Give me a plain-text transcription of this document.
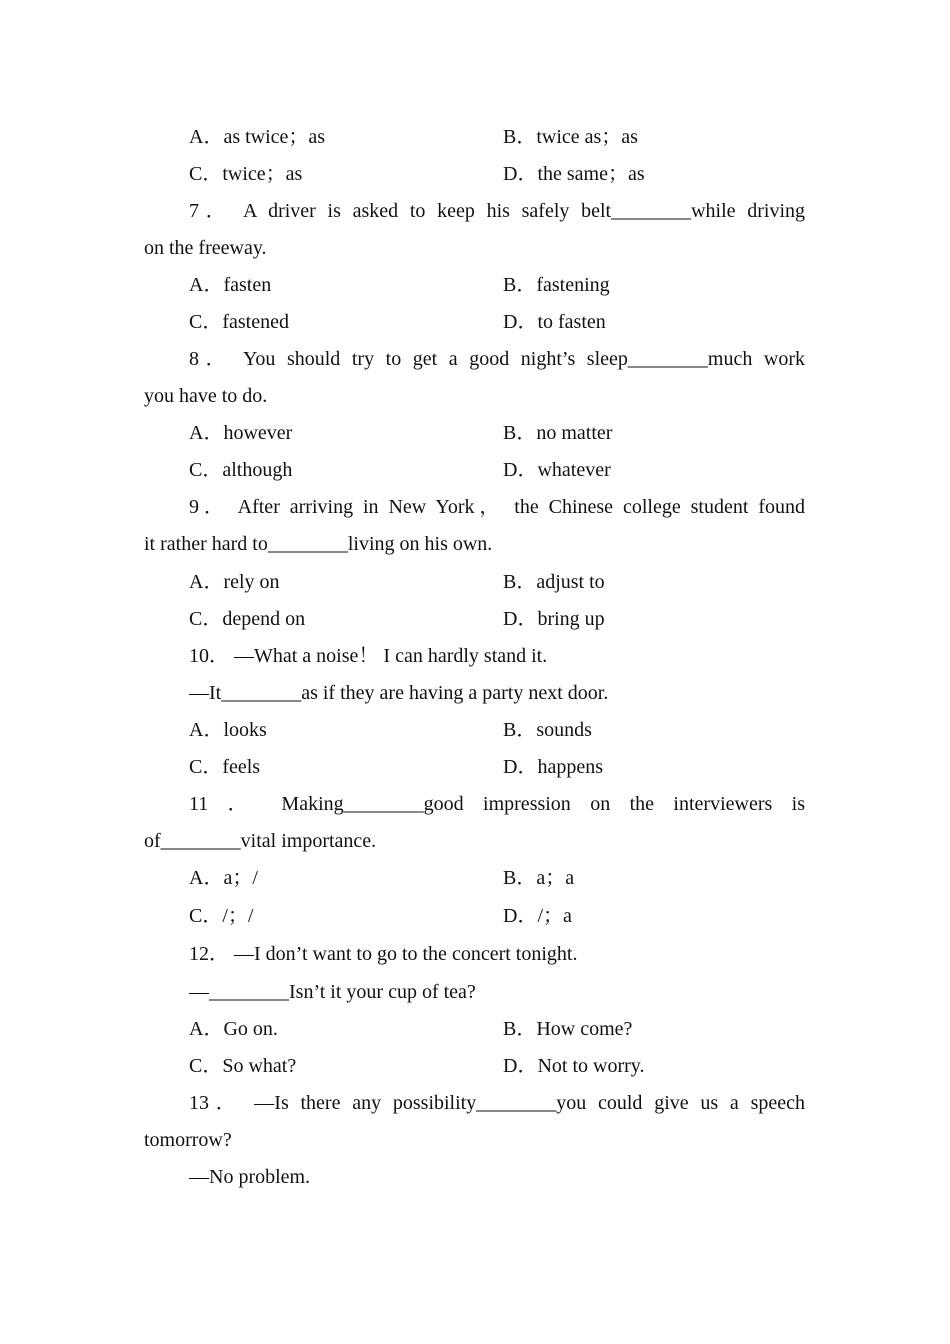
A．as twice；as	B．twice as；as
C．twice；as	D．the same；as
7． A driver is asked to keep his safely belt________while driving
on the freeway.
A．fasten	B．fastening
C．fastened	D．to fasten
8． You should try to get a good night’s sleep________much work
you have to do.
A．however	B．no matter
C．although	D．whatever
9． After arriving in New York， the Chinese college student found
it rather hard to________living on his own.
A．rely on	B．adjust to
C．depend on	D．bring up
10． —What a noise！ I can hardly stand it.
—It________as if they are having a party next door.
A．looks	B．sounds
C．feels	D．happens
11 ． Making________good impression on the interviewers is
of________vital importance.
A．a；/	B．a；a
C．/；/	D．/；a
12． —I don’t want to go to the concert tonight.
—________Isn’t it your cup of tea?
A．Go on.	B．How come?
C．So what?	D．Not to worry.
13． —Is there any possibility________you could give us a speech
tomorrow?
—No problem.
